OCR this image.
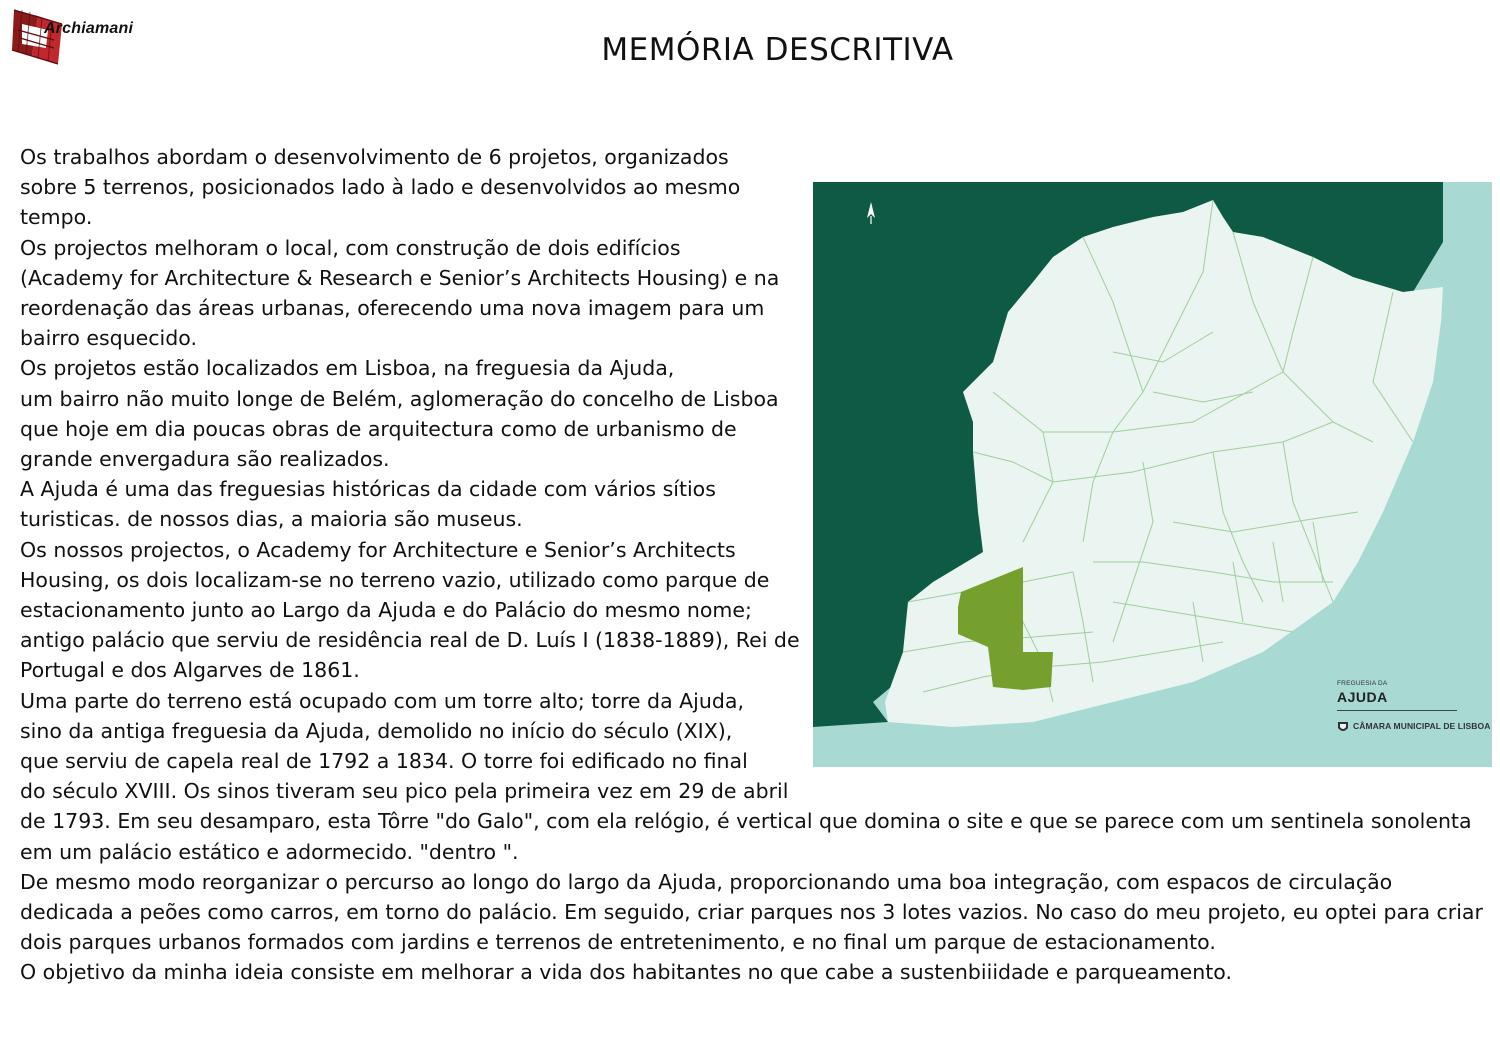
Archiamani
MEMÓRIA DESCRITIVA
FREGUESIA DA
AJUDA
CÂMARA MUNICIPAL DE LISBOA
Os trabalhos abordam o desenvolvimento de 6 projetos, organizados
sobre 5 terrenos, posicionados lado à lado e desenvolvidos ao mesmo
tempo.
Os projectos melhoram o local, com construção de dois edifícios
(Academy for Architecture & Research e Senior’s Architects Housing) e na
reordenação das áreas urbanas, oferecendo uma nova imagem para um
bairro esquecido.
Os projetos estão localizados em Lisboa, na freguesia da Ajuda,
um bairro não muito longe de Belém, aglomeração do concelho de Lisboa
que hoje em dia poucas obras de arquitectura como de urbanismo de
grande envergadura são realizados.
A Ajuda é uma das freguesias históricas da cidade com vários sítios
turisticas. de nossos dias, a maioria são museus.
Os nossos projectos, o Academy for Architecture e Senior’s Architects
Housing, os dois localizam-se no terreno vazio, utilizado como parque de
estacionamento junto ao Largo da Ajuda e do Palácio do mesmo nome;
antigo palácio que serviu de residência real de D. Luís I (1838-1889), Rei de
Portugal e dos Algarves de 1861.
Uma parte do terreno está ocupado com um torre alto; torre da Ajuda,
sino da antiga freguesia da Ajuda, demolido no início do século (XIX),
que serviu de capela real de 1792 a 1834. O torre foi edificado no final
do século XVIII. Os sinos tiveram seu pico pela primeira vez em 29 de abril
de 1793. Em seu desamparo, esta Tôrre "do Galo", com ela relógio, é vertical que domina o site e que se parece com um sentinela sonolenta
em um palácio estático e adormecido. "dentro ".
De mesmo modo reorganizar o percurso ao longo do largo da Ajuda, proporcionando uma boa integração, com espacos de circulação
dedicada a peões como carros, em torno do palácio. Em seguido, criar parques nos 3 lotes vazios. No caso do meu projeto, eu optei para criar
dois parques urbanos formados com jardins e terrenos de entretenimento, e no final um parque de estacionamento.
O objetivo da minha ideia consiste em melhorar a vida dos habitantes no que cabe a sustenbiiidade e parqueamento.
